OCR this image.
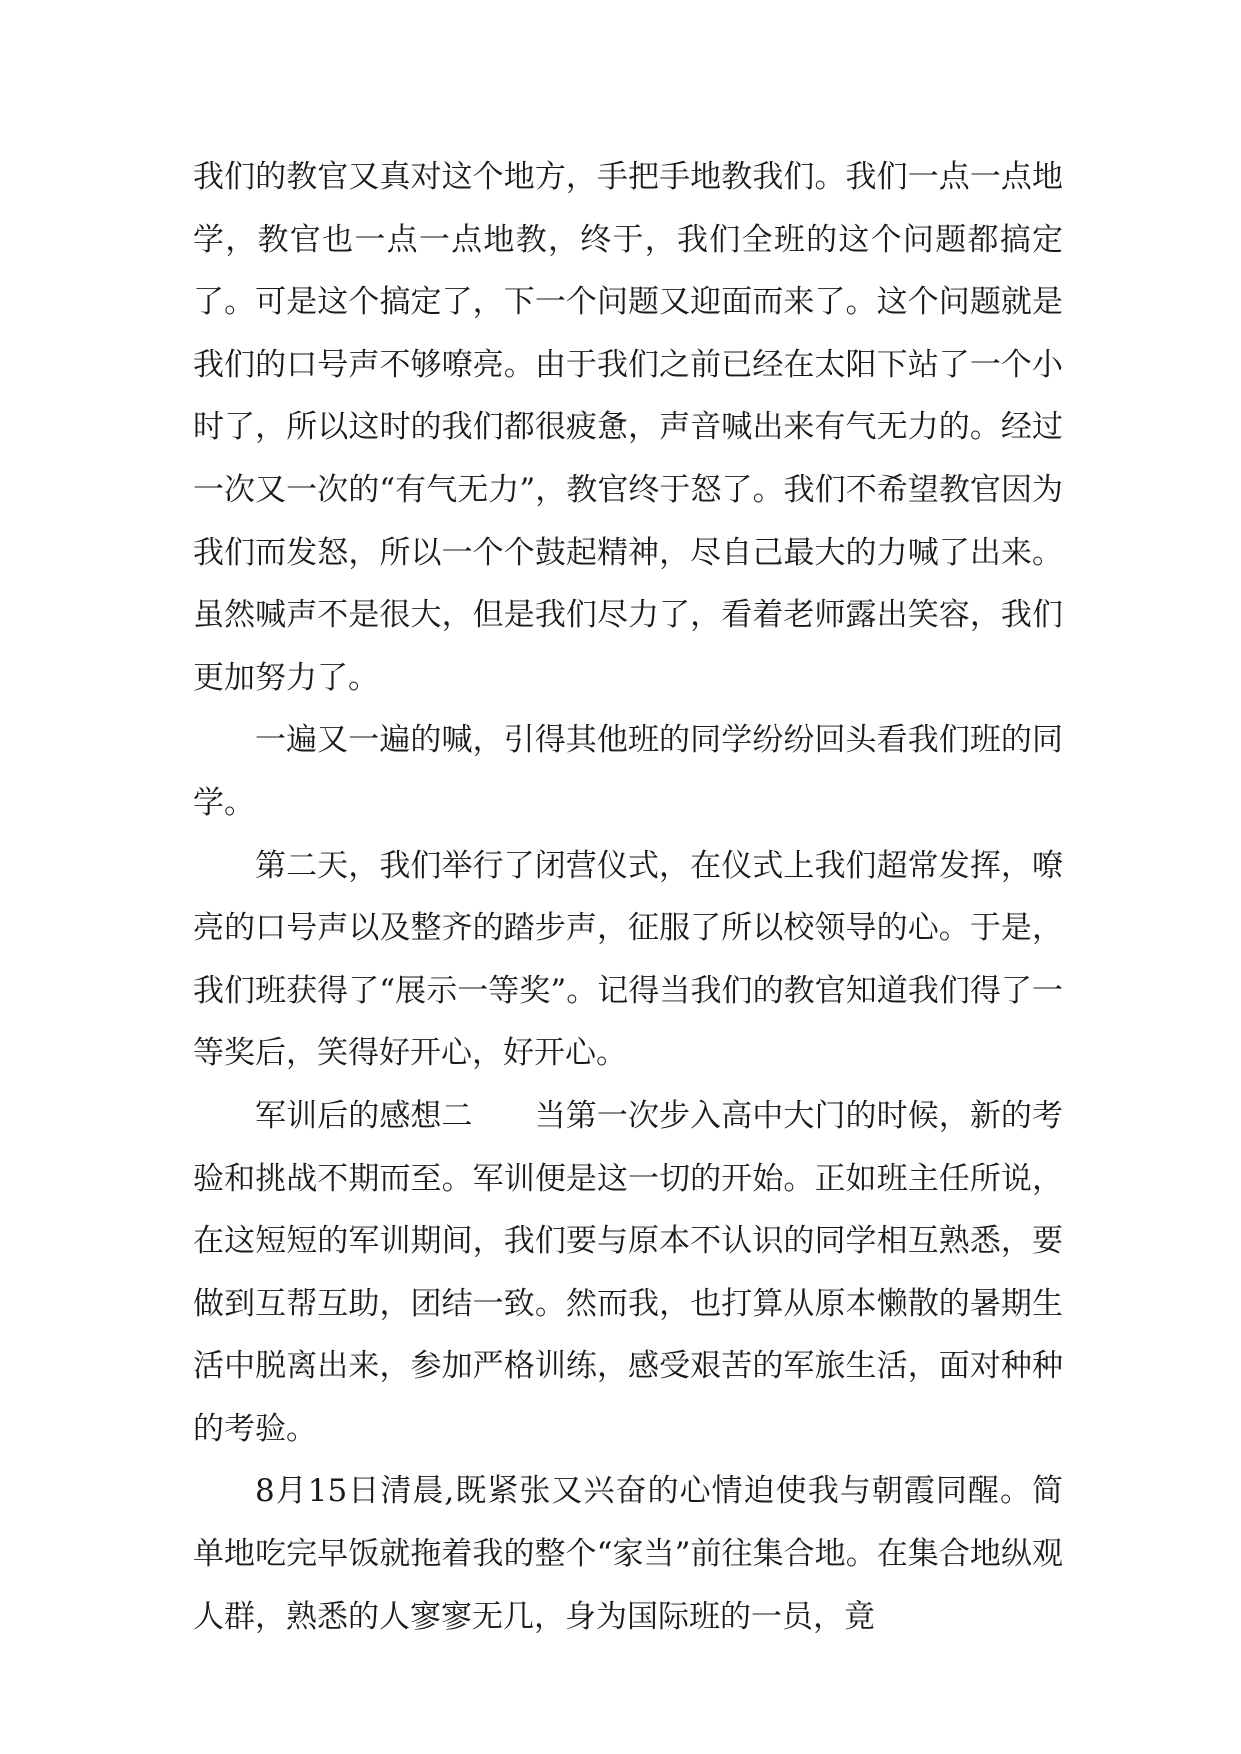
我们的教官又真对这个地方，手把手地教我们。我们一点一点地学，教官也一点一点地教，终于，我们全班的这个问题都搞定了。可是这个搞定了，下一个问题又迎面而来了。这个问题就是我们的口号声不够嘹亮。由于我们之前已经在太阳下站了一个小时了，所以这时的我们都很疲惫，声音喊出来有气无力的。经过一次又一次的“有气无力”，教官终于怒了。我们不希望教官因为我们而发怒，所以一个个鼓起精神，尽自己最大的力喊了出来。虽然喊声不是很大，但是我们尽力了，看着老师露出笑容，我们更加努力了。

一遍又一遍的喊，引得其他班的同学纷纷回头看我们班的同学。

第二天，我们举行了闭营仪式，在仪式上我们超常发挥，嘹亮的口号声以及整齐的踏步声，征服了所以校领导的心。于是，我们班获得了“展示一等奖”。记得当我们的教官知道我们得了一等奖后，笑得好开心，好开心。

军训后的感想二　　当第一次步入高中大门的时候，新的考验和挑战不期而至。军训便是这一切的开始。正如班主任所说，在这短短的军训期间，我们要与原本不认识的同学相互熟悉，要做到互帮互助，团结一致。然而我，也打算从原本懒散的暑期生活中脱离出来，参加严格训练，感受艰苦的军旅生活，面对种种的考验。

8月15日清晨,既紧张又兴奋的心情迫使我与朝霞同醒。简单地吃完早饭就拖着我的整个“家当”前往集合地。在集合地纵观人群，熟悉的人寥寥无几，身为国际班的一员，竟
